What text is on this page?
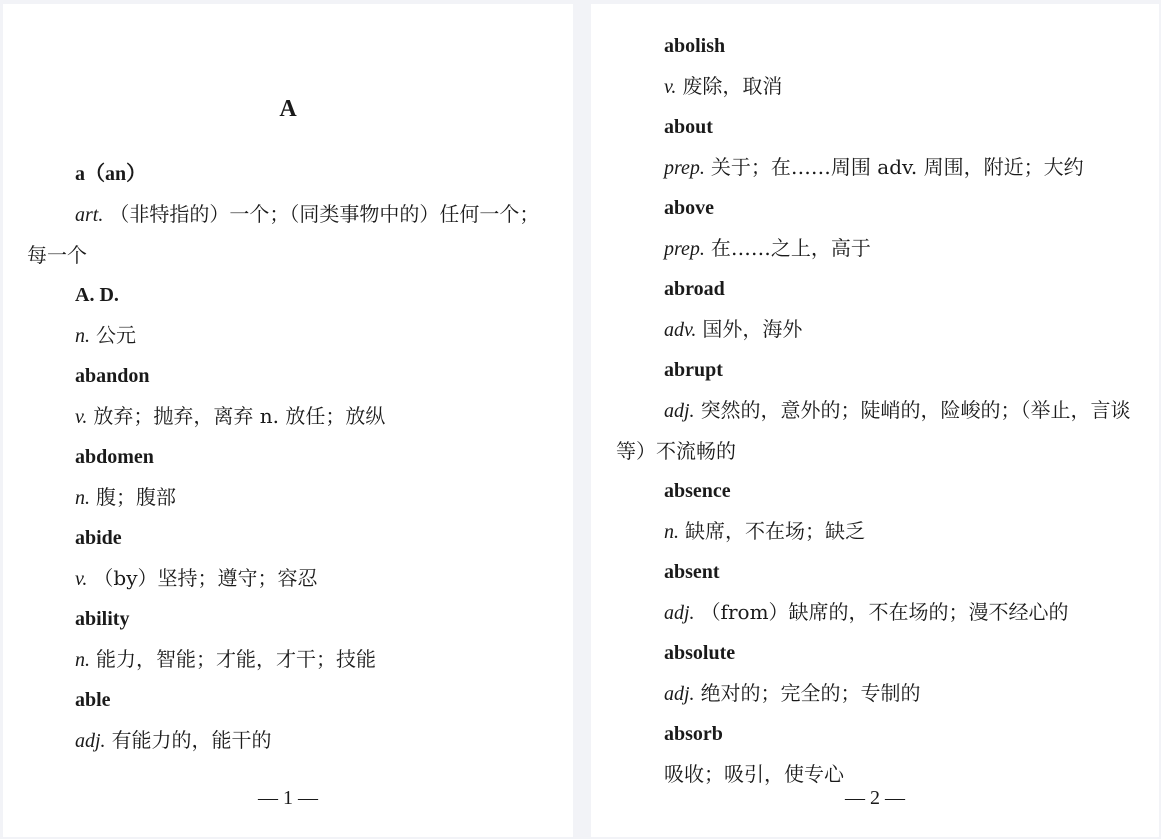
A
a（an）
art. （非特指的）一个；（同类事物中的）任何一个；每一个
A. D.
n. 公元
abandon
v. 放弃；抛弃，离弃 n. 放任；放纵
abdomen
n. 腹；腹部
abide
v. （by）坚持；遵守；容忍
ability
n. 能力，智能；才能，才干；技能
able
adj. 有能力的，能干的
— 1 —
abolish
v. 废除，取消
about
prep. 关于；在……周围 adv. 周围，附近；大约
above
prep. 在……之上，高于
abroad
adv. 国外，海外
abrupt
adj. 突然的，意外的；陡峭的，险峻的；（举止，言谈等）不流畅的
absence
n. 缺席，不在场；缺乏
absent
adj. （from）缺席的，不在场的；漫不经心的
absolute
adj. 绝对的；完全的；专制的
absorb
吸收；吸引，使专心
— 2 —
